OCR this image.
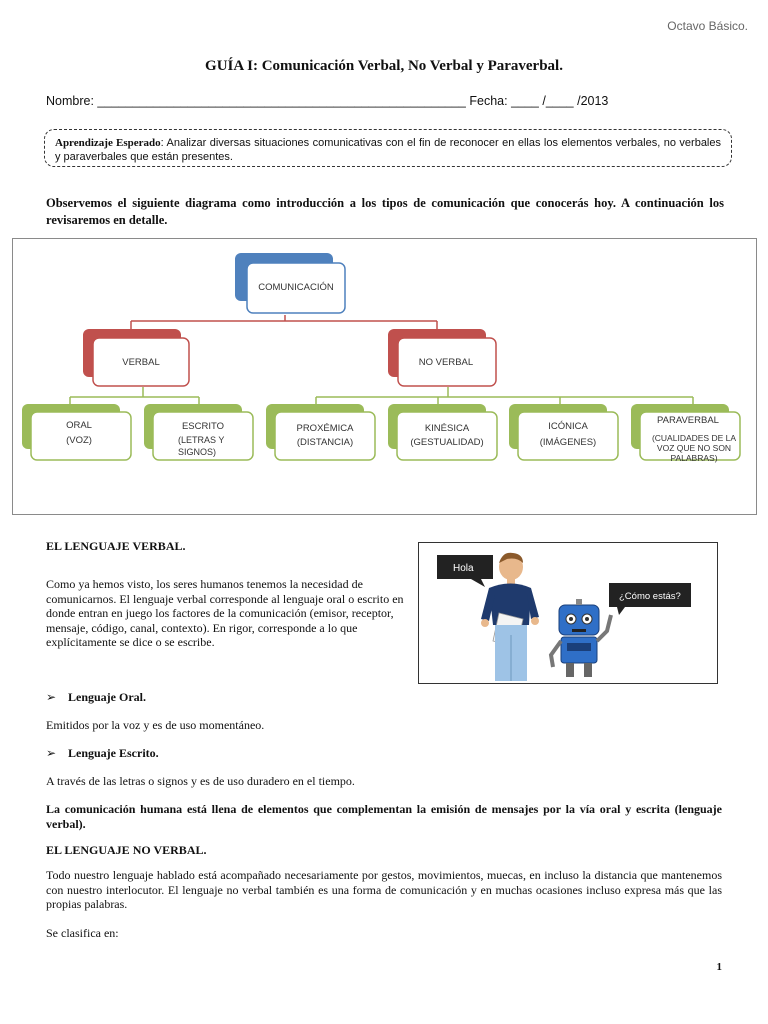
Octavo Básico.
GUÍA I: Comunicación Verbal, No Verbal y Paraverbal.
Nombre: _____________________________________________________ Fecha: ____ /____ /2013
Aprendizaje Esperado: Analizar diversas situaciones comunicativas con el fin de reconocer en ellas los elementos verbales, no verbales y paraverbales que están presentes.
Observemos el siguiente diagrama como introducción a los tipos de comunicación que conocerás hoy. A continuación los revisaremos en detalle.
COMUNICACIÓN
VERBAL	NO VERBAL
ORAL
(VOZ)
ESCRITO
(LETRAS Y
SIGNOS)
PROXÉMICA
(DISTANCIA)
KINÉSICA
(GESTUALIDAD)
ICÓNICA
(IMÁGENES)
PARAVERBAL
(CUALIDADES DE LA
VOZ QUE NO SON
PALABRAS)
EL LENGUAJE VERBAL.
Como ya hemos visto, los seres humanos tenemos la necesidad de comunicarnos. El lenguaje verbal corresponde al lenguaje oral o escrito en donde entran en juego los factores de la comunicación (emisor, receptor, mensaje, código, canal, contexto). En rigor, corresponde a lo que explícitamente se dice o se escribe.
Hola
¿Cómo estás?
➢ Lenguaje Oral.
Emitidos por la voz y es de uso momentáneo.
➢ Lenguaje Escrito.
A través de las letras o signos y es de uso duradero en el tiempo.
La comunicación humana está llena de elementos que complementan la emisión de mensajes por la vía oral y escrita (lenguaje verbal).
EL LENGUAJE NO VERBAL.
Todo nuestro lenguaje hablado está acompañado necesariamente por gestos, movimientos, muecas, en incluso la distancia que mantenemos con nuestro interlocutor. El lenguaje no verbal también es una forma de comunicación y en muchas ocasiones incluso expresa más que las propias palabras.
Se clasifica en:
1
